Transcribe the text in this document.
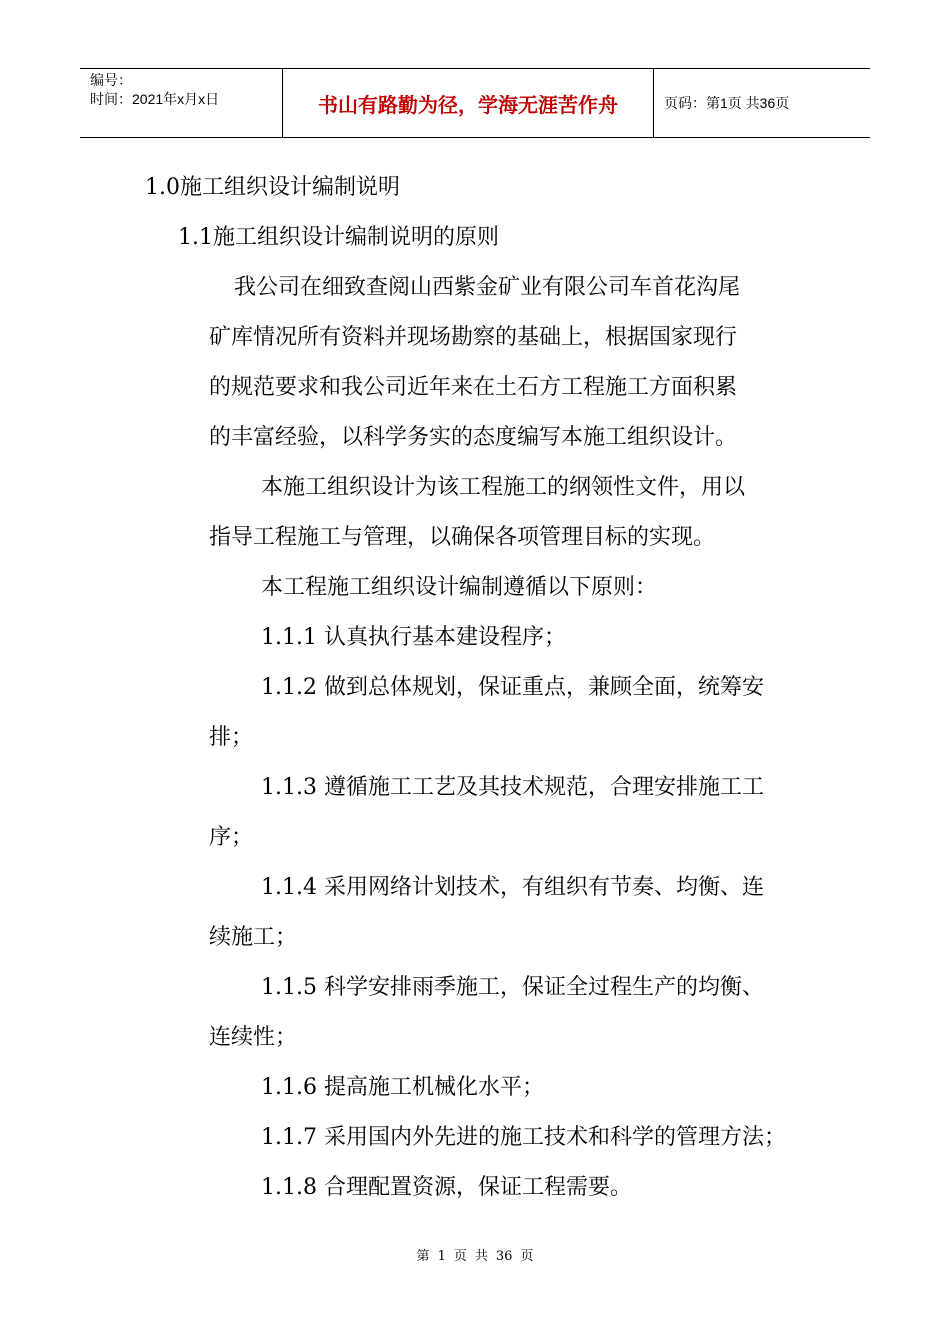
编号：
时间：2021年x月x日	书山有路勤为径，学海无涯苦作舟	页码：第1页 共36页
1.0施工组织设计编制说明
1.1施工组织设计编制说明的原则
我公司在细致查阅山西紫金矿业有限公司车首花沟尾
矿库情况所有资料并现场勘察的基础上，根据国家现行
的规范要求和我公司近年来在土石方工程施工方面积累
的丰富经验，以科学务实的态度编写本施工组织设计。
本施工组织设计为该工程施工的纲领性文件，用以
指导工程施工与管理，以确保各项管理目标的实现。
本工程施工组织设计编制遵循以下原则：
1.1.1 认真执行基本建设程序；
1.1.2 做到总体规划，保证重点，兼顾全面，统筹安
排；
1.1.3 遵循施工工艺及其技术规范，合理安排施工工
序；
1.1.4 采用网络计划技术，有组织有节奏、均衡、连
续施工；
1.1.5 科学安排雨季施工，保证全过程生产的均衡、
连续性；
1.1.6 提高施工机械化水平；
1.1.7 采用国内外先进的施工技术和科学的管理方法；
1.1.8 合理配置资源，保证工程需要。
第 1 页 共 36 页
